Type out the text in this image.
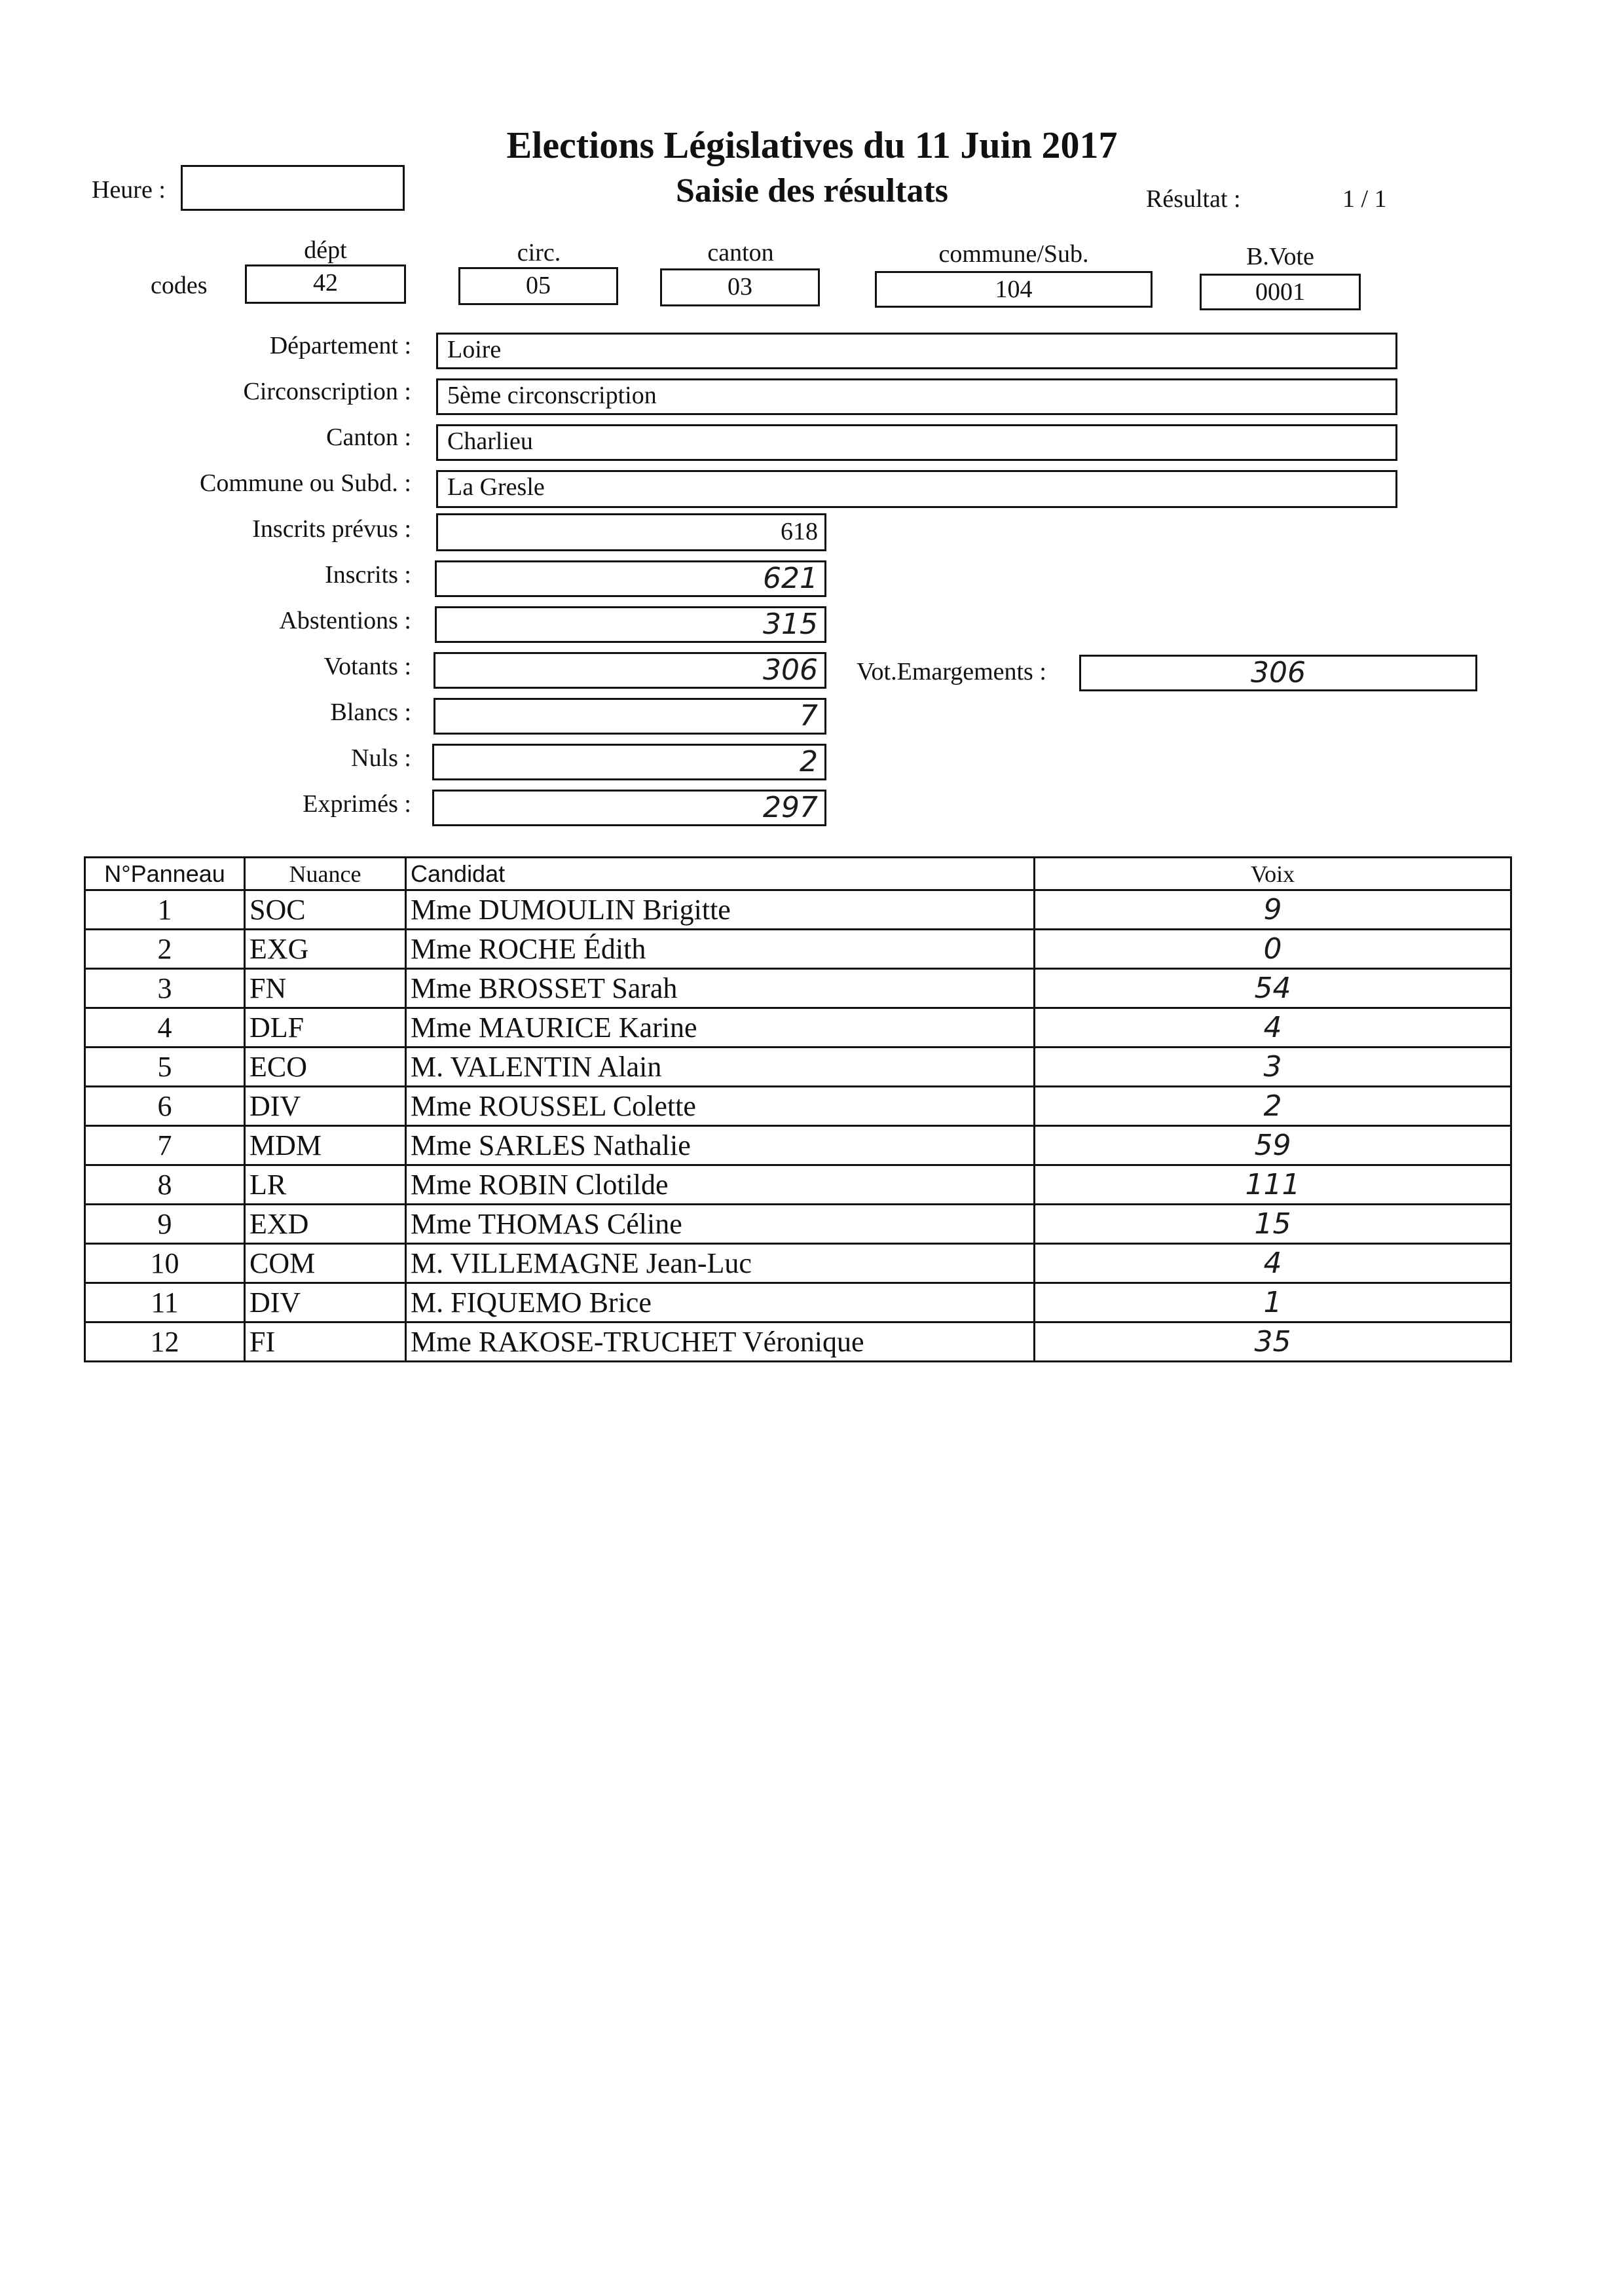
Elections Législatives du 11 Juin 2017
Saisie des résultats
Heure :	Résultat :	1 / 1
codes
dépt
42
circ.
05
canton
03
commune/Sub.
104
B.Vote
0001
Département :	Loire
Circonscription :	5ème circonscription
Canton :	Charlieu
Commune ou Subd. :	La Gresle
Inscrits prévus :	618
Inscrits :	621
Abstentions :	315
Votants :	306	Vot.Emargements :	306
Blancs :	7
Nuls :	2
Exprimés :	297
N°Panneau	Nuance	Candidat	Voix
1	SOC	Mme DUMOULIN Brigitte	9
2	EXG	Mme ROCHE Édith	0
3	FN	Mme BROSSET Sarah	54
4	DLF	Mme MAURICE Karine	4
5	ECO	M. VALENTIN Alain	3
6	DIV	Mme ROUSSEL Colette	2
7	MDM	Mme SARLES Nathalie	59
8	LR	Mme ROBIN Clotilde	111
9	EXD	Mme THOMAS Céline	15
10	COM	M. VILLEMAGNE Jean-Luc	4
11	DIV	M. FIQUEMO Brice	1
12	FI	Mme RAKOSE-TRUCHET Véronique	35
